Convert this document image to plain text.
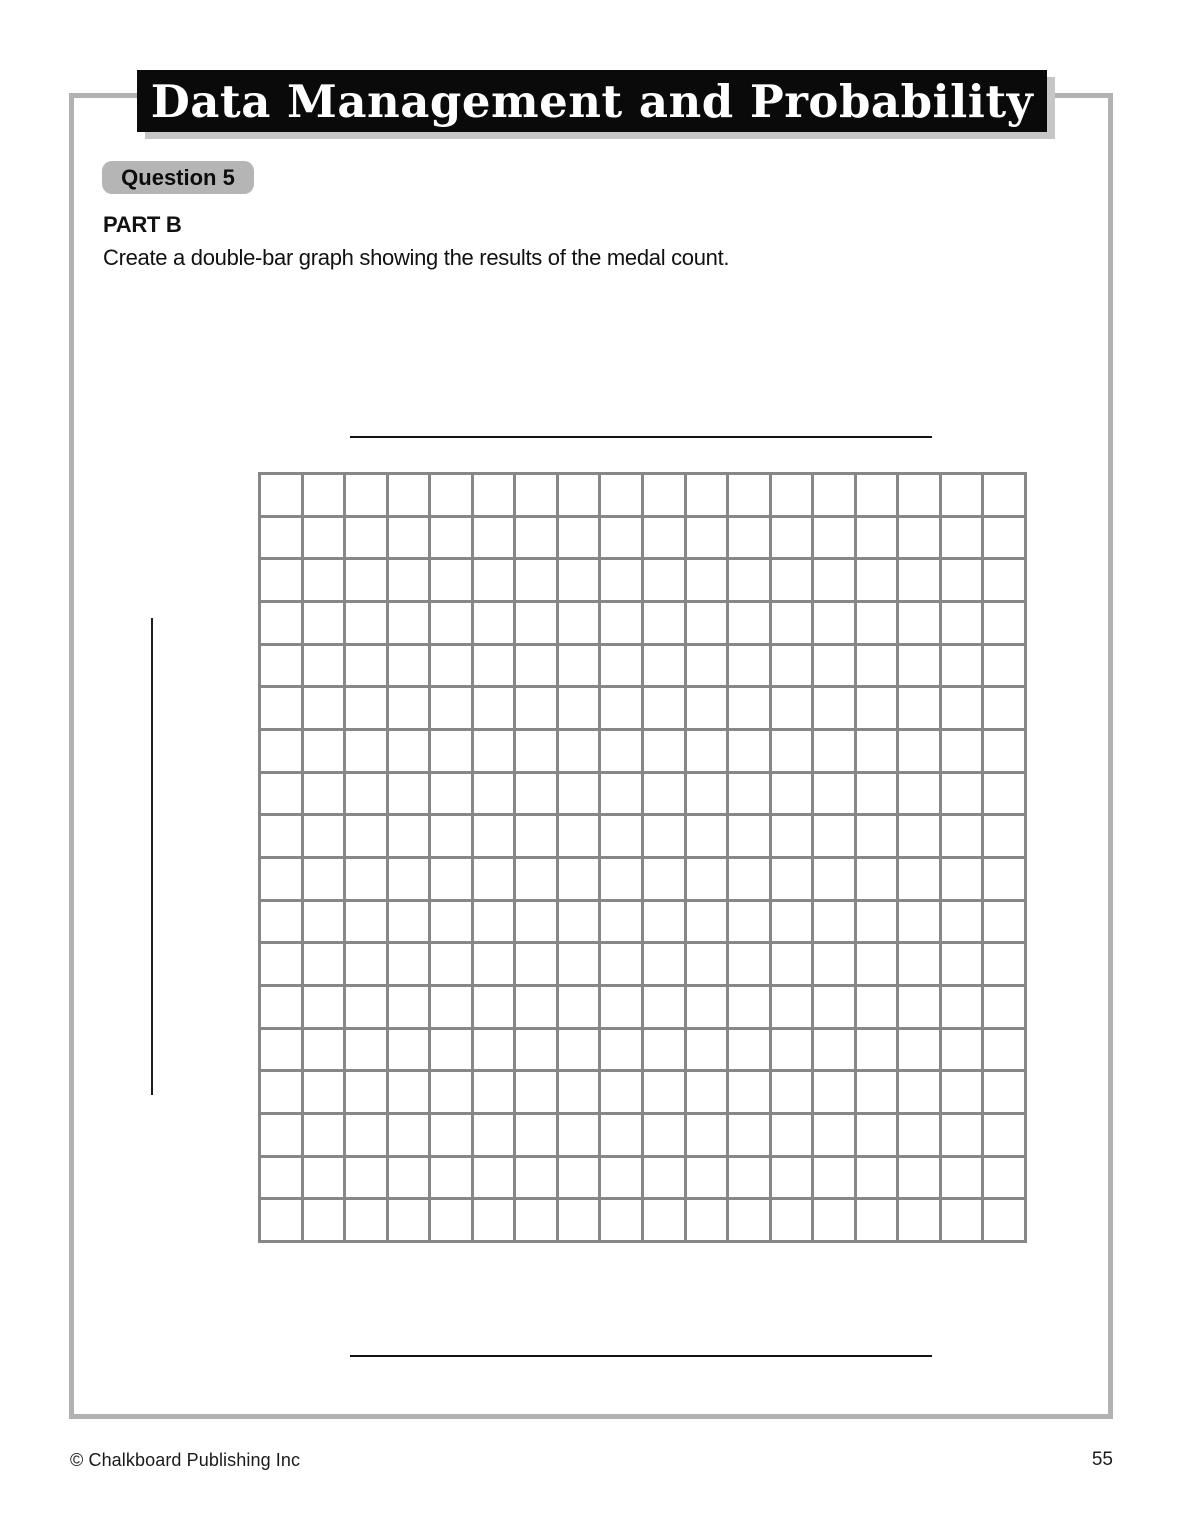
Data Management and Probability
Question 5
PART B
Create a double-bar graph showing the results of the medal count.
© Chalkboard Publishing Inc	55
